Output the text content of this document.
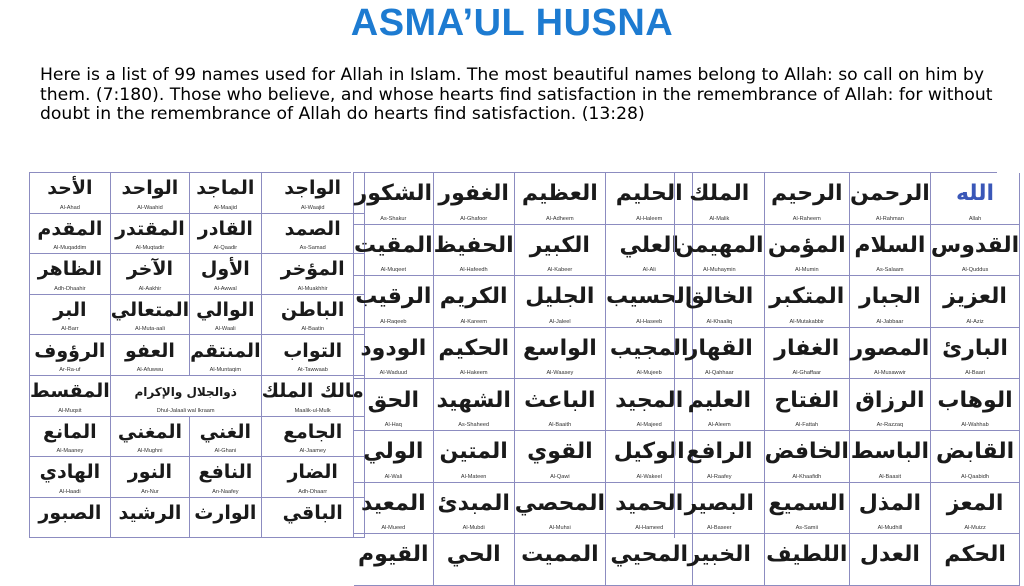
ASMA’UL HUSNA
Here is a list of 99 names used for Allah in Islam. The most beautiful names belong to Allah: so call on him by them. (7:180). Those who believe, and whose hearts find satisfaction in the remembrance of Allah: for without doubt in the remembrance of Allah do hearts find satisfaction. (13:28)
الأحد
Al-Ahad
الواحد
Al-Waahid
الماجد
Al-Maajid
الواجد
Al-Waajid
المقدم
Al-Muqaddim
المقتدر
Al-Muqtadir
القادر
Al-Qaadir
الصمد
As-Samad
الظاهر
Adh-Dhaahir
الآخر
Al-Aakhir
الأول
Al-Awwal
المؤخر
Al-Muakhhir
البر
Al-Barr
المتعالي
Al-Muta-aali
الوالي
Al-Waali
الباطن
Al-Baatin
الرؤوف
Ar-Ra-uf
العفو
Al-Afuwwu
المنتقم
Al-Muntaqim
التواب
At-Tawwaab
المقسط
Al-Muqsit
ذوالجلال والإكرام
Dhul-Jalaali wal Ikraam
مالك الملك
Maalik-ul-Mulk
المانع
Al-Maaney
المغني
Al-Mughni
الغني
Al-Ghani
الجامع
Al-Jaamey
الهادي
Al-Haadi
النور
An-Nur
النافع
An-Naafey
الضار
Adh-Dhaarr
الصبور الرشيد الوارث الباقي
الشكور
As-Shakur
الغفور
Al-Ghafoor
العظيم
Al-Adheem
الحليم
Al-Haleem
المقيت
Al-Muqeet
الحفيظ
Al-Hafeedh
الكبير
Al-Kabeer
العلي
Al-Ali
الرقيب
Al-Raqeeb
الكريم
Al-Kareem
الجليل
Al-Jaleel
الحسيب
Al-Haseeb
الودود
Al-Waduud
الحكيم
Al-Hakeem
الواسع
Al-Waasey
المجيب
Al-Mujeeb
الحق
Al-Haq
الشهيد
As-Shaheed
الباعث
Al-Baaith
المجيد
Al-Majeed
الولي
Al-Wali
المتين
Al-Mateen
القوي
Al-Qawi
الوكيل
Al-Wakeel
المعيد
Al-Mueed
المبدئ
Al-Mubdi
المحصي
Al-Muhsi
الحميد
Al-Hameed
القيوم الحي المميت المحيي
الملك
Al-Malik
الرحيم
Al-Raheem
الرحمن
Al-Rahman
الله
Allah
المهيمن
Al-Muhaymin
المؤمن
Al-Mumin
السلام
As-Salaam
القدوس
Al-Quddus
الخالق
Al-Khaaliq
المتكبر
Al-Mutakabbir
الجبار
Al-Jabbaar
العزيز
Al-Aziz
القهار
Al-Qahhaar
الغفار
Al-Ghaffaar
المصور
Al-Musawwir
البارئ
Al-Baari
العليم
Al-Aleem
الفتاح
Al-Fattah
الرزاق
Ar-Razzaq
الوهاب
Al-Wahhab
الرافع
Al-Raafey
الخافض
Al-Khaafidh
الباسط
Al-Baasit
القابض
Al-Qaabidh
البصير
Al-Baseer
السميع
As-Samii
المذل
Al-Mudhill
المعز
Al-Muizz
الخبير اللطيف العدل الحكم
